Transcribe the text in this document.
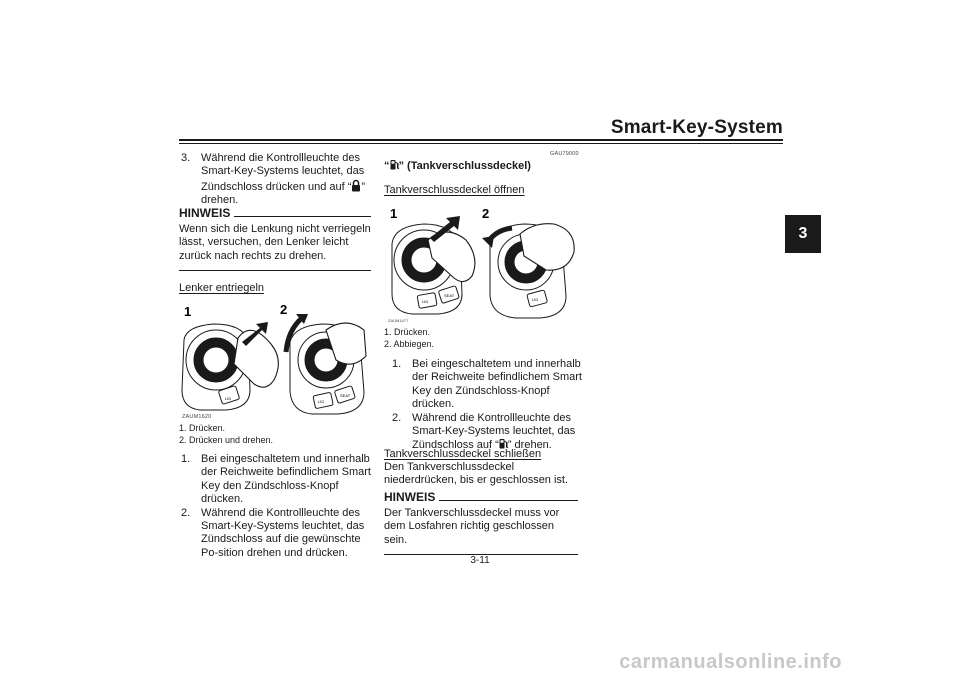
Smart-Key-System
3
3. Während die Kontrollleuchte des Smart-Key-Systems leuchtet, das Zündschloss drücken und auf “ ” drehen.
HINWEIS
Wenn sich die Lenkung nicht verriegeln lässt, versuchen, den Lenker leicht zurück nach rechts zu drehen.
Lenker entriegeln
1	2
LID
LID
SEAT
ZAUM1620
1. Drücken.
2. Drücken und drehen.
1. Bei eingeschaltetem und innerhalb der Reichweite befindlichem Smart Key den Zündschloss-Knopf drücken.
2. Während die Kontrollleuchte des Smart-Key-Systems leuchtet, das Zündschloss auf die gewünschte Po-sition drehen und drücken.
GAU79000
“ ” (Tankverschlussdeckel)
Tankverschlussdeckel öffnen
1	2
LID
SEAT
LID
ZAUM1477
1. Drücken.
2. Abbiegen.
1. Bei eingeschaltetem und innerhalb der Reichweite befindlichem Smart Key den Zündschloss-Knopf drücken.
2. Während die Kontrollleuchte des Smart-Key-Systems leuchtet, das Zündschloss auf “ ” drehen.
Tankverschlussdeckel schließen
Den Tankverschlussdeckel niederdrücken, bis er geschlossen ist.
HINWEIS
Der Tankverschlussdeckel muss vor dem Losfahren richtig geschlossen sein.
3-11
carmanualsonline.info
